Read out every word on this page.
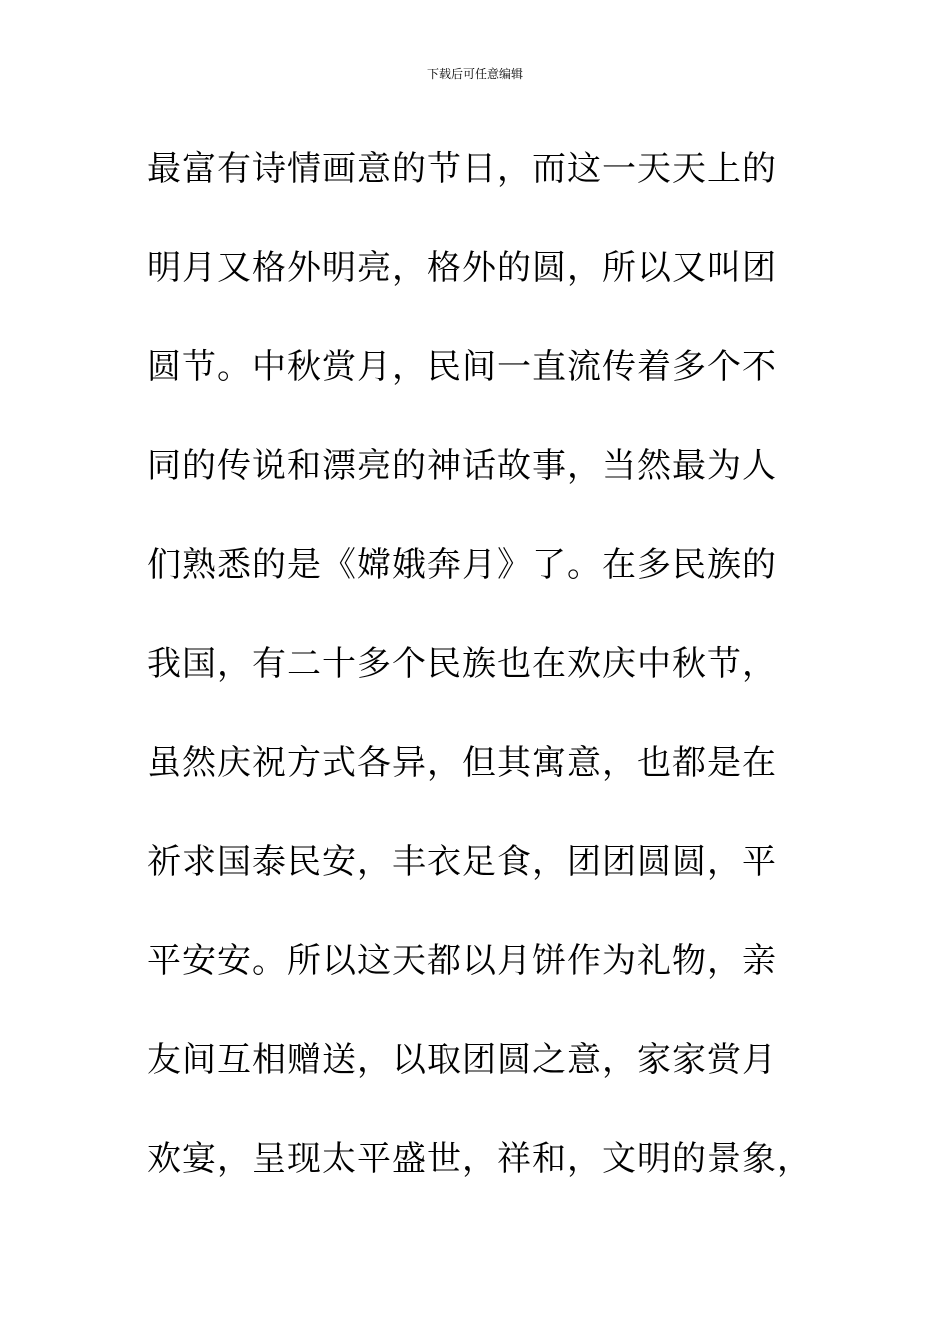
下载后可任意编辑
最富有诗情画意的节日，而这一天天上的
明月又格外明亮，格外的圆，所以又叫团
圆节。中秋赏月，民间一直流传着多个不
同的传说和漂亮的神话故事，当然最为人
们熟悉的是《嫦娥奔月》了。在多民族的
我国，有二十多个民族也在欢庆中秋节，
虽然庆祝方式各异，但其寓意，也都是在
祈求国泰民安，丰衣足食，团团圆圆，平
平安安。所以这天都以月饼作为礼物，亲
友间互相赠送，以取团圆之意，家家赏月
欢宴，呈现太平盛世，祥和，文明的景象，
